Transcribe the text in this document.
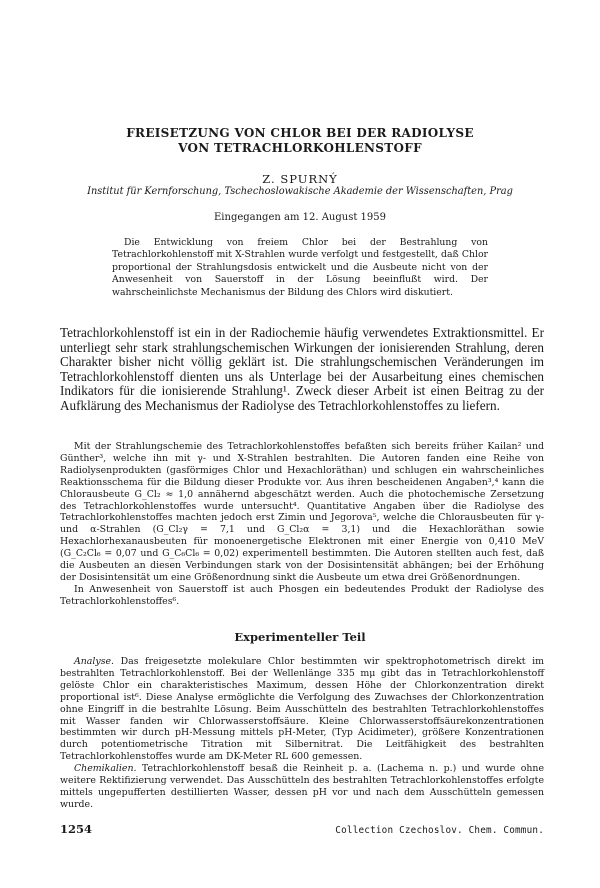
FREISETZUNG VON CHLOR BEI DER RADIOLYSE
VON TETRACHLORKOHLENSTOFF
Z. SPURNÝ
Institut für Kernforschung, Tschechoslowakische Akademie der Wissenschaften, Prag
Eingegangen am 12. August 1959
Die Entwicklung von freiem Chlor bei der Bestrahlung von Tetrachlorkohlenstoff mit X-Strahlen wurde verfolgt und festgestellt, daß Chlor proportional der Strahlungsdosis entwickelt und die Ausbeute nicht von der Anwesenheit von Sauerstoff in der Lösung beeinflußt wird. Der wahrscheinlichste Mechanismus der Bildung des Chlors wird diskutiert.
Tetrachlorkohlenstoff ist ein in der Radiochemie häufig verwendetes Extraktionsmittel. Er unterliegt sehr stark strahlungschemischen Wirkungen der ionisierenden Strahlung, deren Charakter bisher nicht völlig geklärt ist. Die strahlungschemischen Veränderungen im Tetrachlorkohlenstoff dienten uns als Unterlage bei der Ausarbeitung eines chemischen Indikators für die ionisierende Strahlung¹. Zweck dieser Arbeit ist einen Beitrag zu der Aufklärung des Mechanismus der Radiolyse des Tetrachlorkohlenstoffes zu liefern.

Mit der Strahlungschemie des Tetrachlorkohlenstoffes befaßten sich bereits früher Kailan² und Günther³, welche ihn mit γ- und X-Strahlen bestrahlten. Die Autoren fanden eine Reihe von Radiolysenprodukten (gasförmiges Chlor und Hexachloräthan) und schlugen ein wahrscheinliches Reaktionsschema für die Bildung dieser Produkte vor. Aus ihren bescheidenen Angaben³,⁴ kann die Chlorausbeute G_Cl₂ ≈ 1,0 annähernd abgeschätzt werden. Auch die photochemische Zersetzung des Tetrachlorkohlenstoffes wurde untersucht⁴. Quantitative Angaben über die Radiolyse des Tetrachlorkohlenstoffes machten jedoch erst Zimin und Jegorova⁵, welche die Chlorausbeuten für γ- und α-Strahlen (G_Cl₂γ = 7,1 und G_Cl₂α = 3,1) und die Hexachloräthan sowie Hexachlorhexanausbeuten für monoenergetische Elektronen mit einer Energie von 0,410 MeV (G_C₂Cl₆ = 0,07 und G_C₆Cl₆ = 0,02) experimentell bestimmten. Die Autoren stellten auch fest, daß die Ausbeuten an diesen Verbindungen stark von der Dosisintensität abhängen; bei der Erhöhung der Dosisintensität um eine Größenordnung sinkt die Ausbeute um etwa drei Größenordnungen.

In Anwesenheit von Sauerstoff ist auch Phosgen ein bedeutendes Produkt der Radiolyse des Tetrachlorkohlenstoffes⁶.

Experimenteller Teil

Analyse. Das freigesetzte molekulare Chlor bestimmten wir spektrophotometrisch direkt im bestrahlten Tetrachlorkohlenstoff. Bei der Wellenlänge 335 mμ gibt das in Tetrachlorkohlenstoff gelöste Chlor ein charakteristisches Maximum, dessen Höhe der Chlorkonzentration direkt proportional ist⁶. Diese Analyse ermöglichte die Verfolgung des Zuwachses der Chlorkonzentration ohne Eingriff in die bestrahlte Lösung. Beim Ausschütteln des bestrahlten Tetrachlorkohlenstoffes mit Wasser fanden wir Chlorwasserstoffsäure. Kleine Chlorwasserstoffsäurekonzentrationen bestimmten wir durch pH-Messung mittels pH-Meter, (Typ Acidimeter), größere Konzentrationen durch potentiometrische Titration mit Silbernitrat. Die Leitfähigkeit des bestrahlten Tetrachlorkohlenstoffes wurde am DK-Meter RL 600 gemessen.

Chemikalien. Tetrachlorkohlenstoff besaß die Reinheit p. a. (Lachema n. p.) und wurde ohne weitere Rektifizierung verwendet. Das Ausschütteln des bestrahlten Tetrachlorkohlenstoffes erfolgte mittels ungepufferten destillierten Wasser, dessen pH vor und nach dem Ausschütteln gemessen wurde.

1254	Collection Czechoslov. Chem. Commun.
